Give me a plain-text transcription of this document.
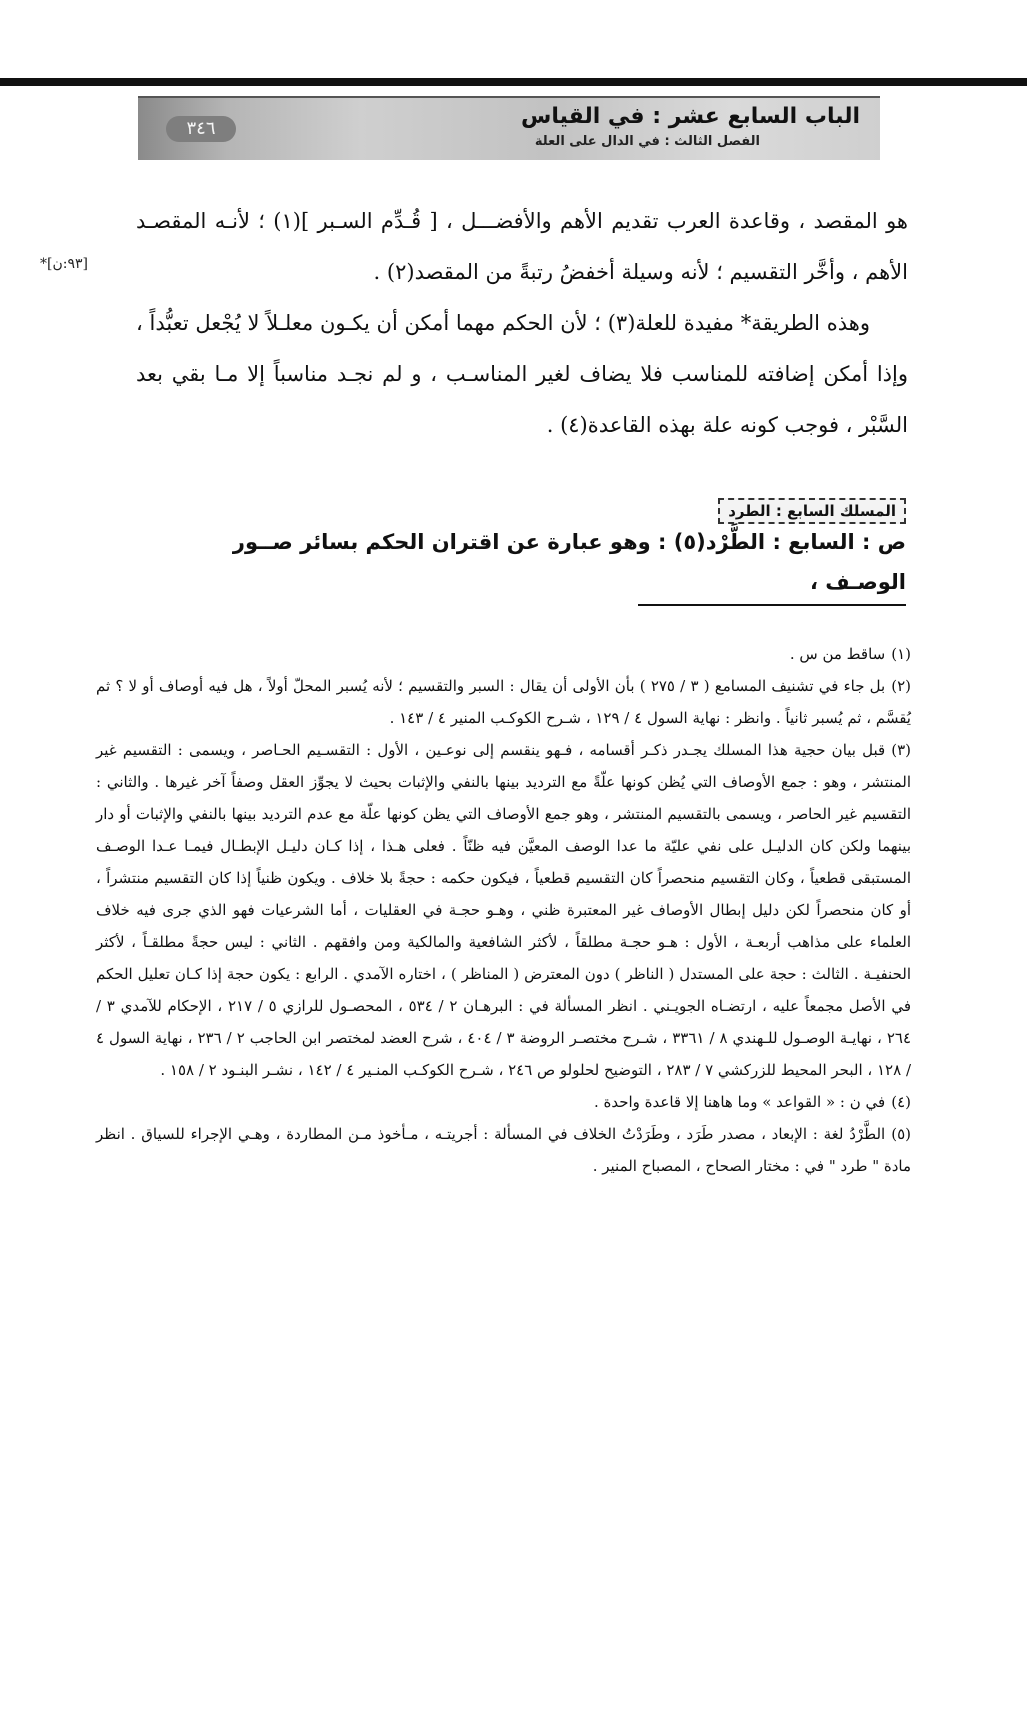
الباب السابع عشر : في القياس
الفصل الثالث : في الدال على العلة
٣٤٦
*[٩٣:ن]

هو المقصد ، وقاعدة العرب تقديم الأهم والأفضـــل ، [ قُـدِّم السـبر ](١) ؛ لأنـه المقصـد الأهم ، وأخَّر التقسيم ؛ لأنه وسيلة أخفضُ رتبةً من المقصد(٢) .

وهذه الطريقة* مفيدة للعلة(٣) ؛ لأن الحكم مهما أمكن أن يكـون معلـلاً لا يُجْعل تعبُّداً ، وإذا أمكن إضافته للمناسب فلا يضاف لغير المناسـب ، و لم نجـد مناسباً إلا مـا بقي بعد السَّبْر ، فوجب كونه علة بهذه القاعدة(٤) .

المسلك السابع : الطرد
ص : السابع : الطَّرْد(٥) : وهو عبارة عن اقتران الحكم بسائر صــور الوصـف ،

(١)ساقط من س .

(٢)بل جاء في تشنيف المسامع ( ٣ / ٢٧٥ ) بأن الأولى أن يقال : السبر والتقسيم ؛ لأنه يُسبر المحلّ أولاً ، هل فيه أوصاف أو لا ؟ ثم يُقسَّم ، ثم يُسبر ثانياً . وانظر : نهاية السول ٤ / ١٢٩ ، شـرح الكوكـب المنير ٤ / ١٤٣ .

(٣)قبل بيان حجية هذا المسلك يجـدر ذكـر أقسامه ، فـهو ينقسم إلى نوعـين ، الأول : التقسـيم الحـاصر ، ويسمى : التقسيم غير المنتشر ، وهو : جمع الأوصاف التي يُظن كونها علّةً مع الترديد بينها بالنفي والإثبات بحيث لا يجوِّز العقل وصفاً آخر غيرها . والثاني : التقسيم غير الحاصر ، ويسمى بالتقسيم المنتشر ، وهو جمع الأوصاف التي يظن كونها علّة مع عدم الترديد بينها بالنفي والإثبات أو دار بينهما ولكن كان الدليـل على نفي عليّة ما عدا الوصف المعيَّن فيه ظنّاً . فعلى هـذا ، إذا كـان دليـل الإبطـال فيمـا عـدا الوصـف المستبقى قطعياً ، وكان التقسيم منحصراً كان التقسيم قطعياً ، فيكون حكمه : حجةً بلا خلاف . ويكون ظنياً إذا كان التقسيم منتشراً ، أو كان منحصراً لكن دليل إبطال الأوصاف غير المعتبرة ظني ، وهـو حجـة في العقليات ، أما الشرعيات فهو الذي جرى فيه خلاف العلماء على مذاهب أربعـة ، الأول : هـو حجـة مطلقاً ، لأكثر الشافعية والمالكية ومن وافقهم . الثاني : ليس حجةً مطلقـاً ، لأكثر الحنفيـة . الثالث : حجة على المستدل ( الناظر ) دون المعترض ( المناظر ) ، اختاره الآمدي . الرابع : يكون حجة إذا كـان تعليل الحكم في الأصل مجمعاً عليه ، ارتضـاه الجويـني . انظر المسألة في : البرهـان ٢ / ٥٣٤ ، المحصـول للرازي ٥ / ٢١٧ ، الإحكام للآمدي ٣ / ٢٦٤ ، نهايـة الوصـول للـهندي ٨ / ٣٣٦١ ، شـرح مختصـر الروضة ٣ / ٤٠٤ ، شرح العضد لمختصر ابن الحاجب ٢ / ٢٣٦ ، نهاية السول ٤ / ١٢٨ ، البحر المحيط للزركشي ٧ / ٢٨٣ ، التوضيح لحلولو ص ٢٤٦ ، شـرح الكوكـب المنـير ٤ / ١٤٢ ، نشـر البنـود ٢ / ١٥٨ .

(٤)في ن : « القواعد » وما هاهنا إلا قاعدة واحدة .

(٥)الطَّرْدُ لغة : الإبعاد ، مصدر طَرَد ، وطَرَدْتُ الخلاف في المسألة : أجريتـه ، مـأخوذ مـن المطاردة ، وهـي الإجراء للسياق . انظر مادة " طرد " في : مختار الصحاح ، المصباح المنير .
